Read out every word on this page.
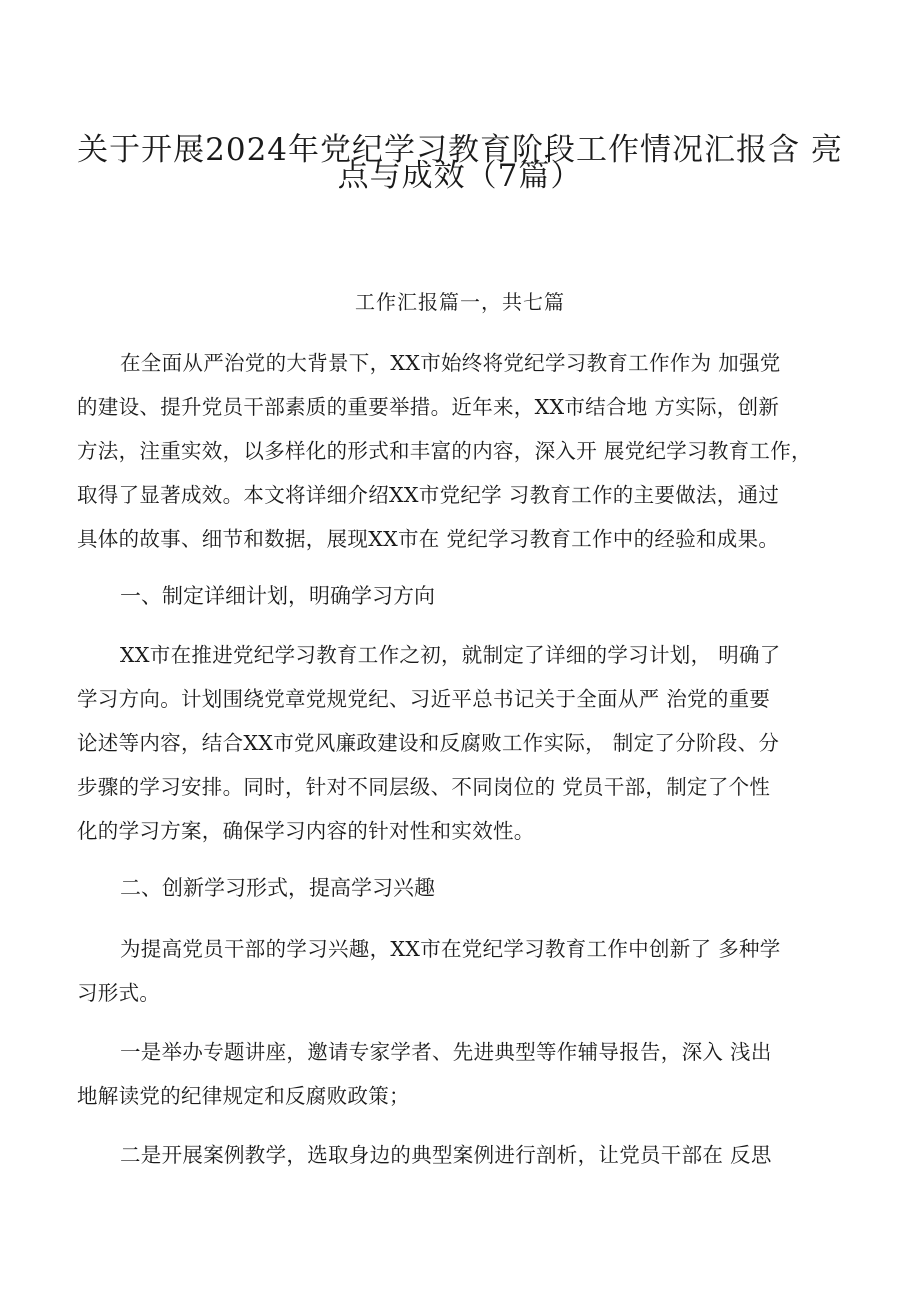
关于开展2024年党纪学习教育阶段工作情况汇报含 亮
点与成效（7篇）
工作汇报篇一，共七篇
在全面从严治党的大背景下，XX市始终将党纪学习教育工作作为 加强党
的建设、提升党员干部素质的重要举措。近年来，XX市结合地 方实际，创新
方法，注重实效，以多样化的形式和丰富的内容，深入开 展党纪学习教育工作，
取得了显著成效。本文将详细介绍XX市党纪学 习教育工作的主要做法，通过
具体的故事、细节和数据，展现XX市在 党纪学习教育工作中的经验和成果。
一、制定详细计划，明确学习方向
XX市在推进党纪学习教育工作之初，就制定了详细的学习计划， 明确了
学习方向。计划围绕党章党规党纪、习近平总书记关于全面从严 治党的重要
论述等内容，结合XX市党风廉政建设和反腐败工作实际， 制定了分阶段、分
步骤的学习安排。同时，针对不同层级、不同岗位的 党员干部，制定了个性
化的学习方案，确保学习内容的针对性和实效性。
二、创新学习形式，提高学习兴趣
为提高党员干部的学习兴趣，XX市在党纪学习教育工作中创新了 多种学
习形式。
一是举办专题讲座，邀请专家学者、先进典型等作辅导报告，深入 浅出
地解读党的纪律规定和反腐败政策；
二是开展案例教学，选取身边的典型案例进行剖析，让党员干部在 反思
